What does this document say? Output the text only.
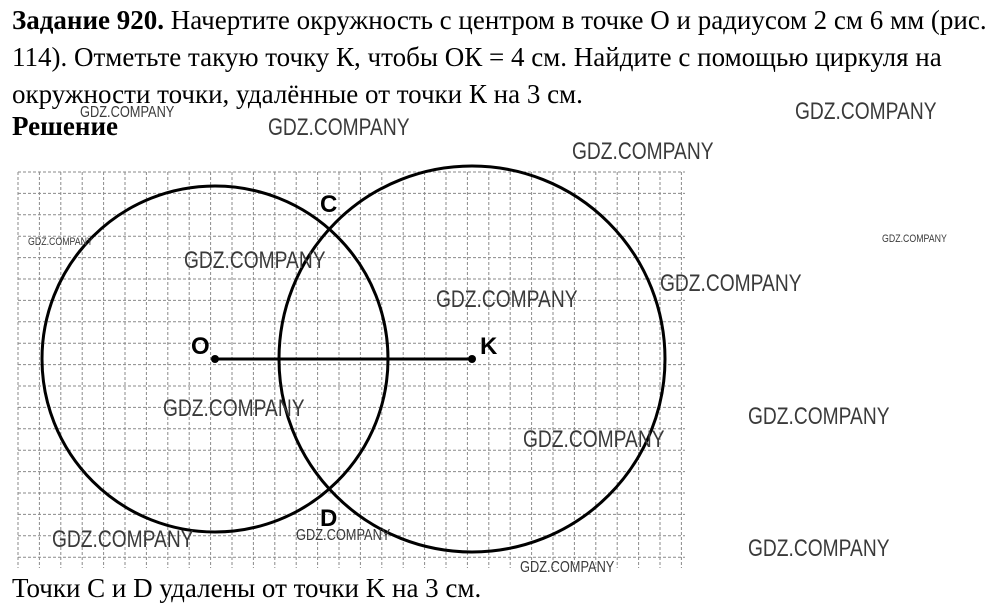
Задание 920. Начертите окружность с центром в точке О и радиусом 2 см 6 мм (рис. 114). Отметьте такую точку К, чтобы ОК = 4 см. Найдите с помощью циркуля на окружности точки, удалённые от точки К на 3 см.

Решение
O	K
C
D
GDZ.COMPANY
GDZ.COMPANY
GDZ.COMPANY
GDZ.COMPANY
GDZ.COMPANY	GDZ.COMPANY
GDZ.COMPANY
GDZ.COMPANY
GDZ.COMPANY
GDZ.COMPANY	GDZ.COMPANY
GDZ.COMPANY
GDZ.COMPANY
GDZ.COMPANY	GDZ.COMPANY
GDZ.COMPANY
Точки C и D удалены от точки K на 3 см.
